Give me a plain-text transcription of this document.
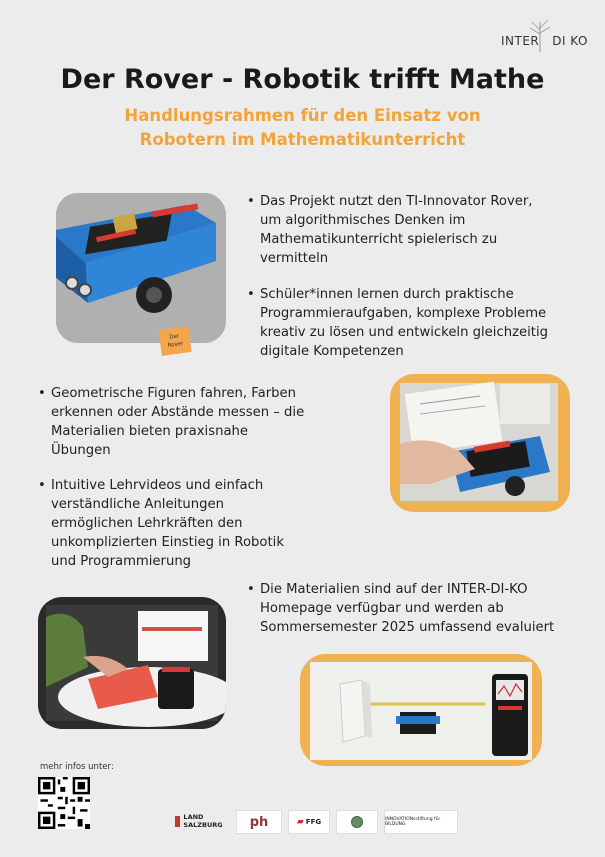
INTER   DI KO
Der Rover - Robotik trifft Mathe
Handlungsrahmen für den Einsatz von
Robotern im Mathematikunterricht
Der
Rover
• Das Projekt nutzt den TI-Innovator Rover,
um algorithmisches Denken im
Mathematikunterricht spielerisch zu
vermitteln
• Schüler*innen lernen durch praktische
Programmieraufgaben, komplexe Probleme
kreativ zu lösen und entwickeln gleichzeitig
digitale Kompetenzen
• Geometrische Figuren fahren, Farben
erkennen oder Abstände messen – die
Materialien bieten praxisnahe
Übungen
• Intuitive Lehrvideos und einfach
verständliche Anleitungen
ermöglichen Lehrkräften den
unkomplizierten Einstieg in Robotik
und Programmierung
• Die Materialien sind auf der INTER-DI-KO
Homepage verfügbar und werden ab
Sommersemester 2025 umfassend evaluiert
mehr infos unter:
LAND SALZBURG	ph	▰ FFG	INNOVATIONsstiftung für BILDUNG
